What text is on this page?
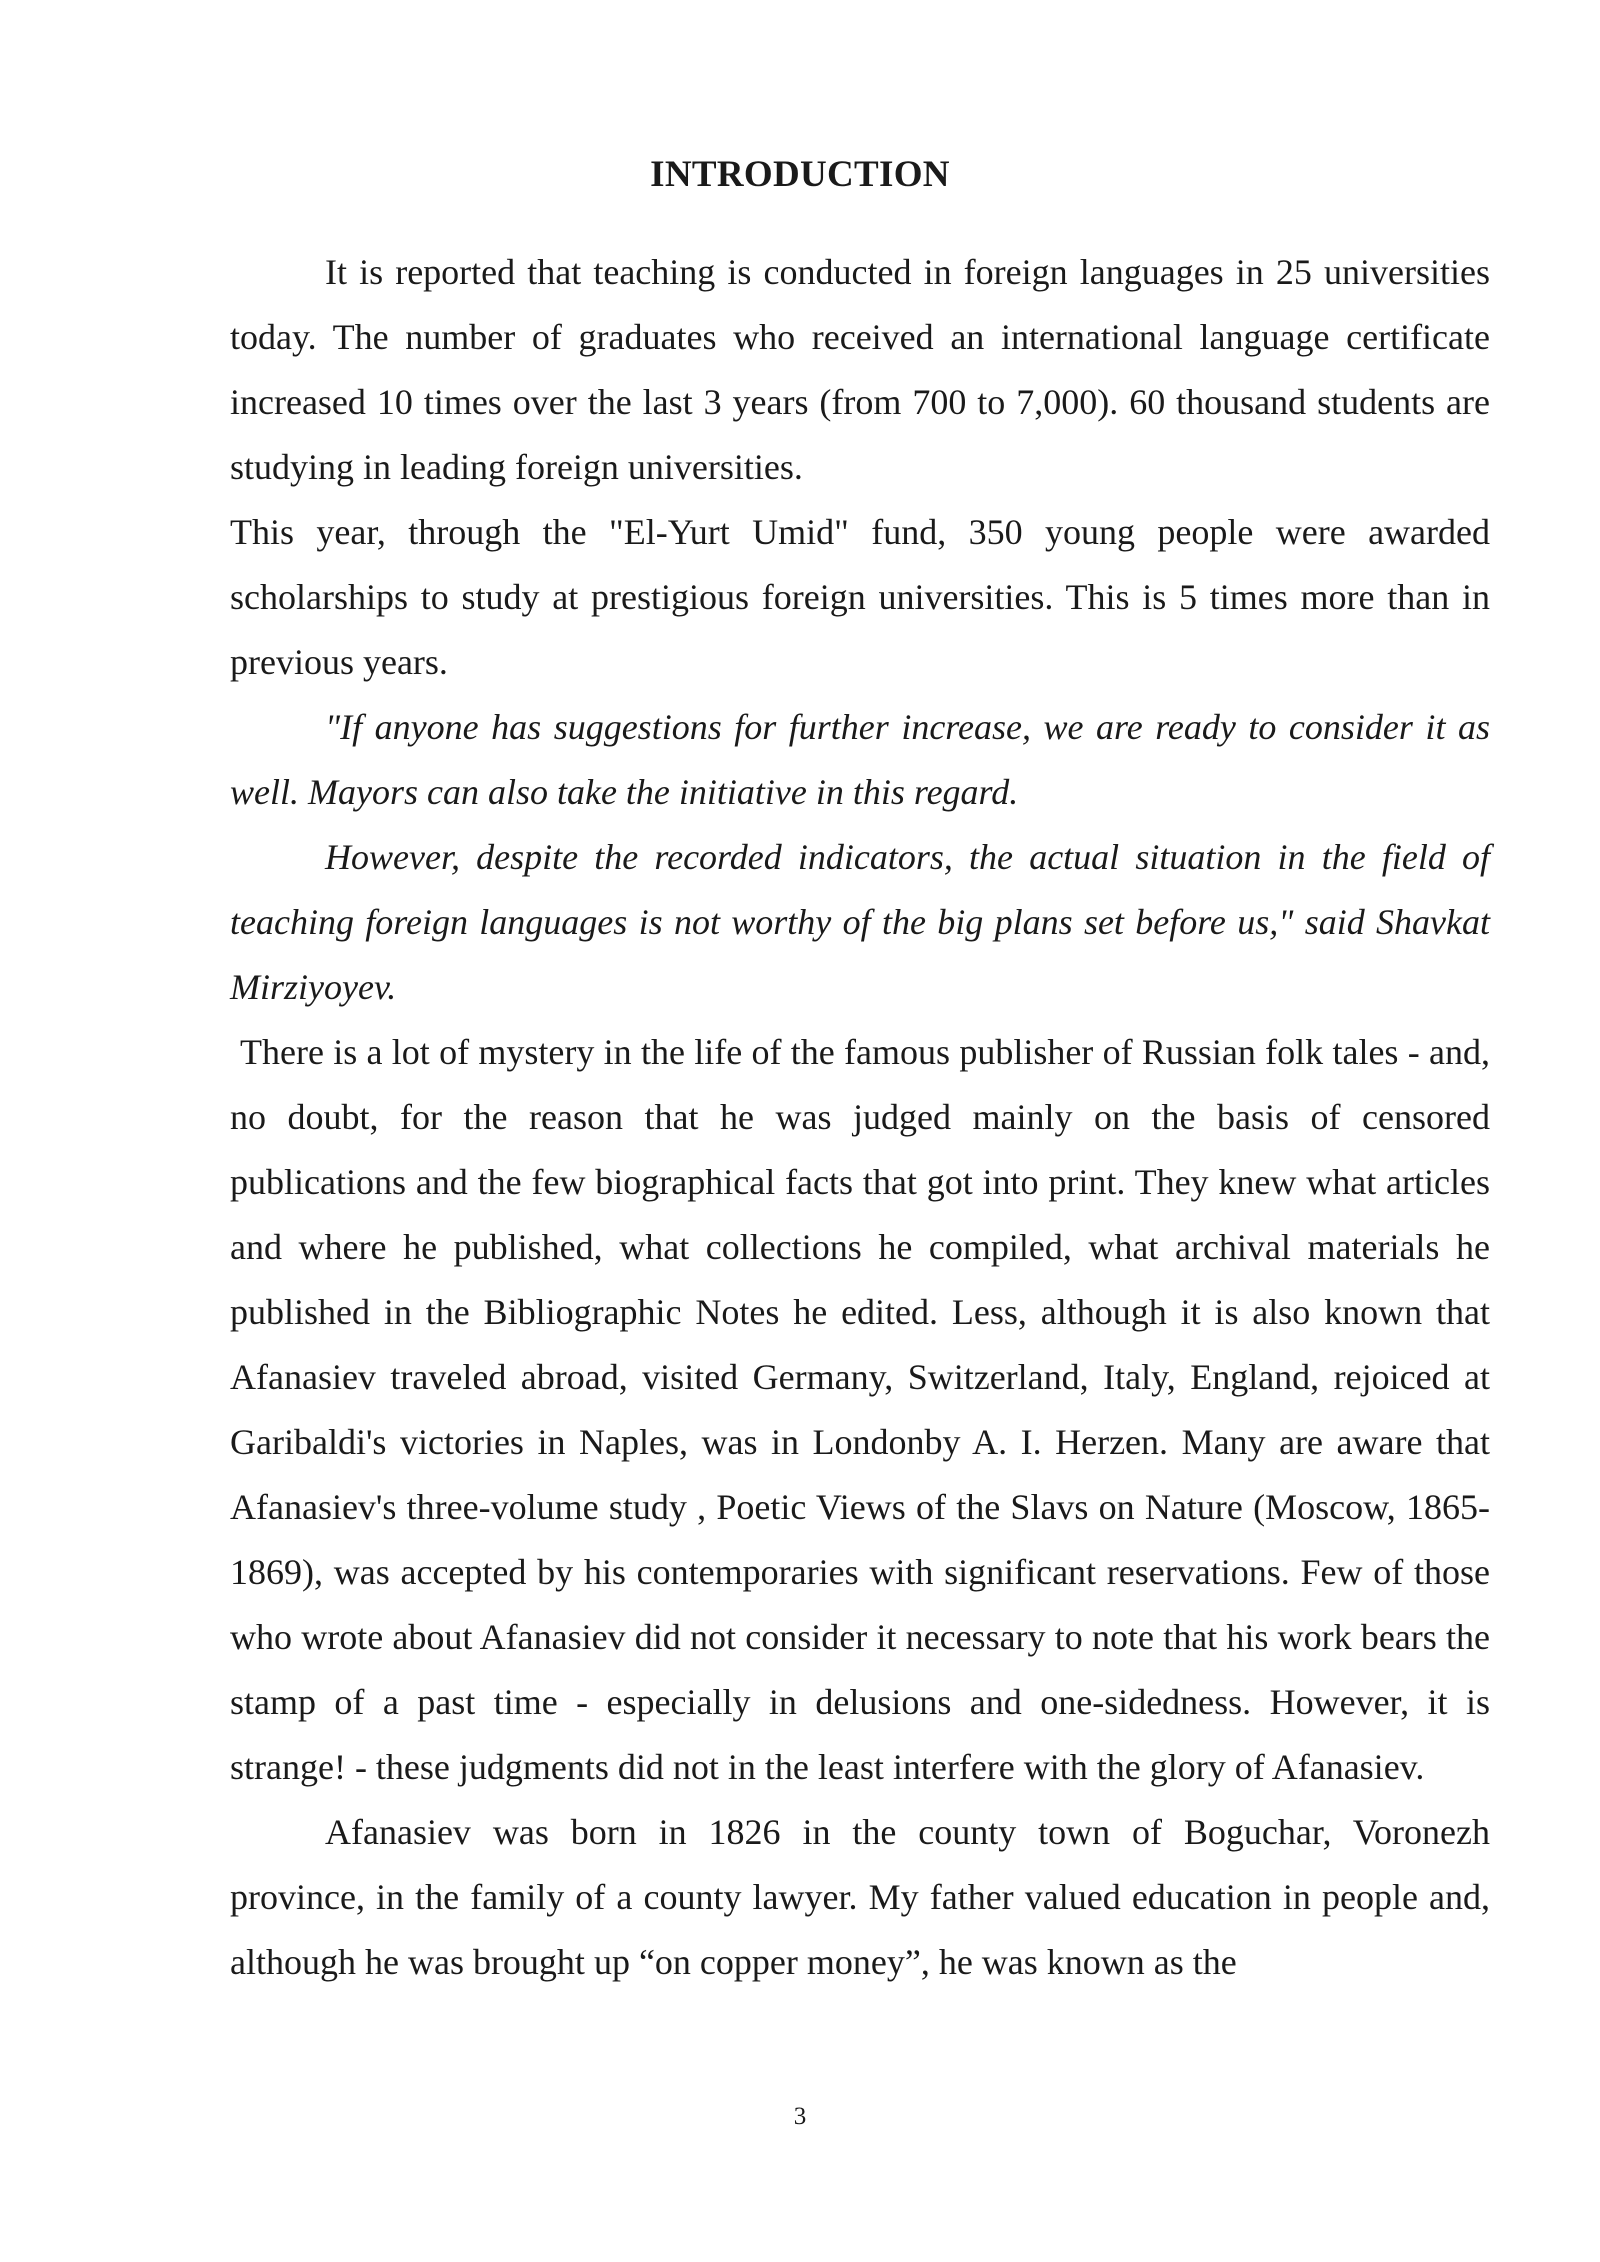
INTRODUCTION

It is reported that teaching is conducted in foreign languages in 25 universities today. The number of graduates who received an international language certificate increased 10 times over the last 3 years (from 700 to 7,000). 60 thousand students are studying in leading foreign universities.

This year, through the "El-Yurt Umid" fund, 350 young people were awarded scholarships to study at prestigious foreign universities. This is 5 times more than in previous years.

"If anyone has suggestions for further increase, we are ready to consider it as well. Mayors can also take the initiative in this regard.

However, despite the recorded indicators, the actual situation in the field of teaching foreign languages is not worthy of the big plans set before us," said Shavkat Mirziyoyev.

There is a lot of mystery in the life of the famous publisher of Russian folk tales - and, no doubt, for the reason that he was judged mainly on the basis of censored publications and the few biographical facts that got into print. They knew what articles and where he published, what collections he compiled, what archival materials he published in the Bibliographic Notes he edited. Less, although it is also known that Afanasiev traveled abroad, visited Germany, Switzerland, Italy, England, rejoiced at Garibaldi's victories in Naples, was in Londonby A. I. Herzen. Many are aware that Afanasiev's three-volume study , Poetic Views of the Slavs on Nature (Moscow, 1865-1869), was accepted by his contemporaries with significant reservations. Few of those who wrote about Afanasiev did not consider it necessary to note that his work bears the stamp of a past time - especially in delusions and one-sidedness. However, it is strange! - these judgments did not in the least interfere with the glory of Afanasiev.

Afanasiev was born in 1826 in the county town of Boguchar, Voronezh province, in the family of a county lawyer. My father valued education in people and, although he was brought up “on copper money”, he was known as the

3
